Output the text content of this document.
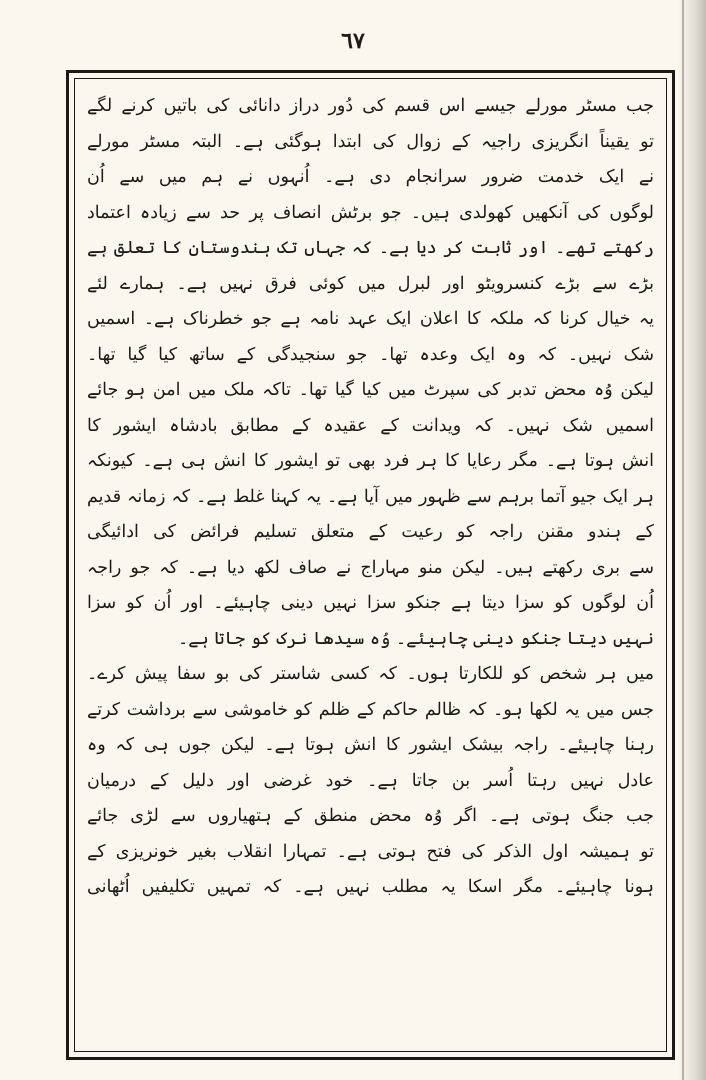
٦٧
جب مسٹر مورلے جیسے اس قسم کی دُور دراز دانائی کی باتیں کرنے لگے
تو یقیناً انگریزی راجیہ کے زوال کی ابتدا ہوگئی ہے۔ البتہ مسٹر مورلے
نے ایک خدمت ضرور سرانجام دی ہے۔ اُنہوں نے ہم میں سے اُن
لوگوں کی آنکھیں کھولدی ہیں۔ جو برٹش انصاف پر حد سے زیادہ اعتماد
رکھتے تھے۔ اور ثابت کر دیا ہے۔ کہ جہاں تک ہندوستان کا تعلق ہے
بڑے سے بڑے کنسرویٹو اور لبرل میں کوئی فرق نہیں ہے۔ ہمارے لئے
یہ خیال کرنا کہ ملکہ کا اعلان ایک عہد نامہ ہے جو خطرناک ہے۔ اسمیں
شک نہیں۔ کہ وہ ایک وعدہ تھا۔ جو سنجیدگی کے ساتھ کیا گیا تھا۔
لیکن وُہ محض تدبر کی سپرٹ میں کیا گیا تھا۔ تاکہ ملک میں امن ہو جائے
اسمیں شک نہیں۔ کہ ویدانت کے عقیدہ کے مطابق بادشاہ ایشور کا
انش ہوتا ہے۔ مگر رعایا کا ہر فرد بھی تو ایشور کا انش ہی ہے۔ کیونکہ
ہر ایک جیو آتما برہم سے ظہور میں آیا ہے۔ یہ کہنا غلط ہے۔ کہ زمانہ قدیم
کے ہندو مقنن راجہ کو رعیت کے متعلق تسلیم فرائض کی ادائیگی
سے بری رکھتے ہیں۔ لیکن منو مہاراج نے صاف لکھ دیا ہے۔ کہ جو راجہ
اُن لوگوں کو سزا دیتا ہے جنکو سزا نہیں دینی چاہیئے۔ اور اُن کو سزا
نہیں دیتا جنکو دینی چاہیئے۔ وُہ سیدھا نرک کو جاتا ہے۔
میں ہر شخص کو للکارتا ہوں۔ کہ کسی شاستر کی بو سفا پیش کرے۔
جس میں یہ لکھا ہو۔ کہ ظالم حاکم کے ظلم کو خاموشی سے برداشت کرتے
رہنا چاہیئے۔ راجہ بیشک ایشور کا انش ہوتا ہے۔ لیکن جوں ہی کہ وہ
عادل نہیں رہتا اُسر بن جاتا ہے۔ خود غرضی اور دلیل کے درمیان
جب جنگ ہوتی ہے۔ اگر وُہ محض منطق کے ہتھیاروں سے لڑی جائے
تو ہمیشہ اول الذکر کی فتح ہوتی ہے۔ تمہارا انقلاب بغیر خونریزی کے
ہونا چاہیئے۔ مگر اسکا یہ مطلب نہیں ہے۔ کہ تمہیں تکلیفیں اُٹھانی
